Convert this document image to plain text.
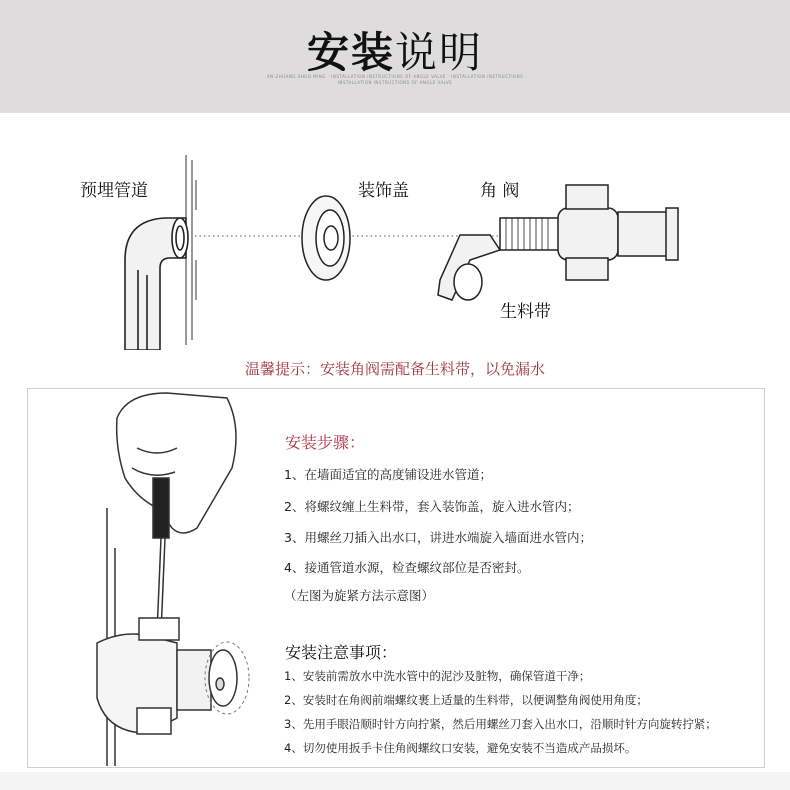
安装说明
AN-ZHUANG SHUO MING · INSTALLATION INSTRUCTIONS OF ANGLE VALVE · INSTALLATION INSTRUCTIONS
INSTALLATION INSTRUCTIONS OF ANGLE VALVE
预埋管道	装饰盖	角 阀
生料带
温馨提示：安装角阀需配备生料带，以免漏水
安装步骤：
1、在墙面适宜的高度铺设进水管道；
2、将螺纹缠上生料带，套入装饰盖，旋入进水管内；
3、用螺丝刀插入出水口，讲进水端旋入墙面进水管内；
4、接通管道水源，检查螺纹部位是否密封。
（左图为旋紧方法示意图）
安装注意事项：
1、安装前需放水中洗水管中的泥沙及脏物，确保管道干净；
2、安装时在角阀前端螺纹裹上适量的生料带，以便调整角阀使用角度；
3、先用手眼沿顺时针方向拧紧，然后用螺丝刀套入出水口，沿顺时针方向旋转拧紧；
4、切勿使用扳手卡住角阀螺纹口安装，避免安装不当造成产品损坏。
